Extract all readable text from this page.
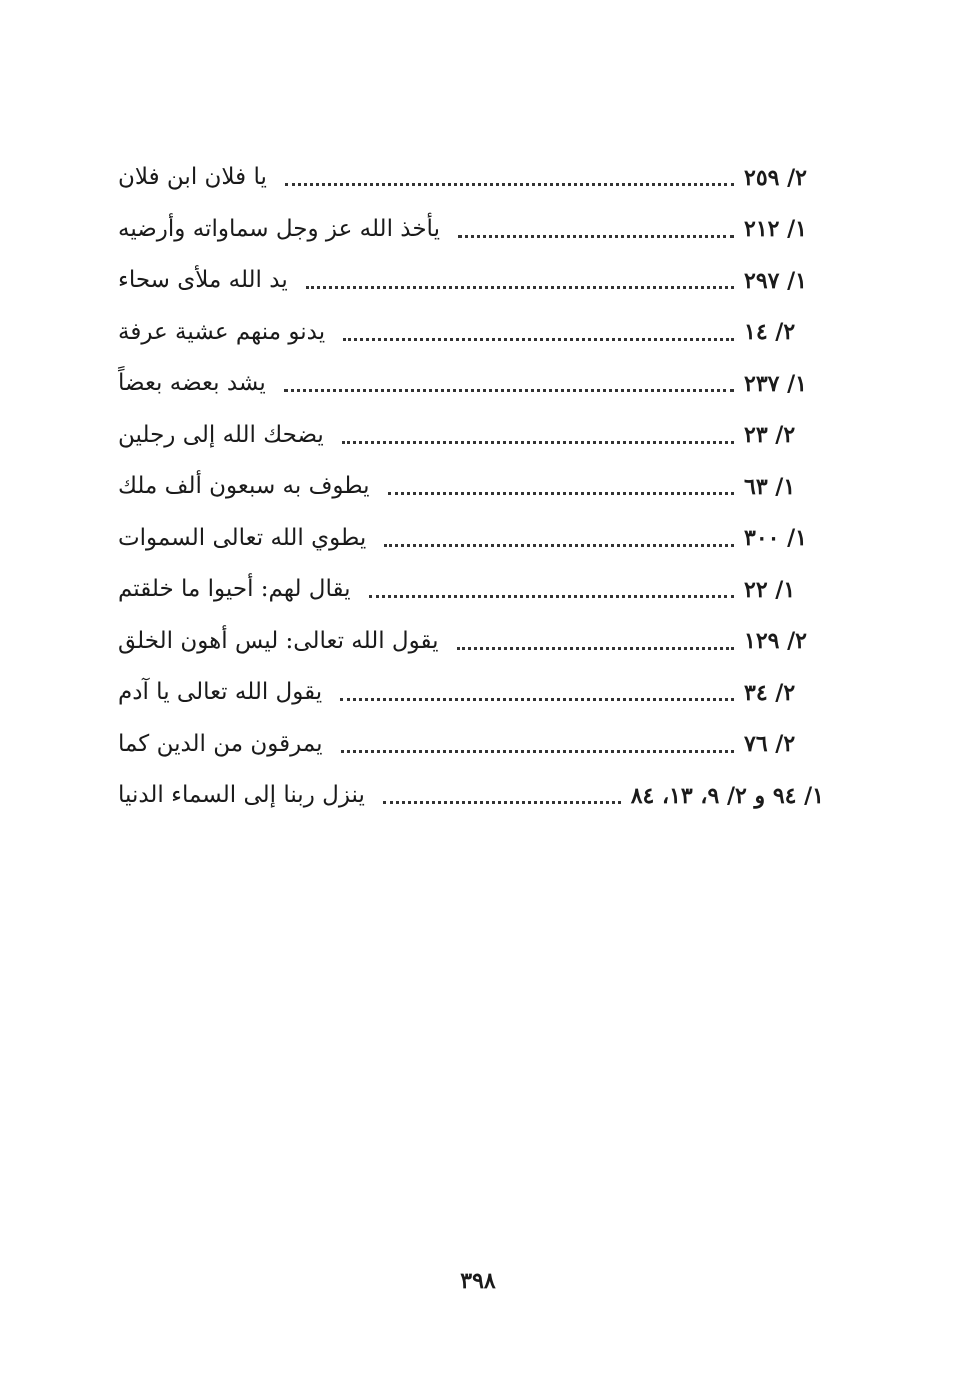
يا فلان ابن فلان	٢/ ٢٥٩
يأخذ الله عز وجل سماواته وأرضيه	١/ ٢١٢
يد الله ملأى سحاء	١/ ٢٩٧
يدنو منهم عشية عرفة	٢/ ١٤
يشد بعضه بعضاً	١/ ٢٣٧
يضحك الله إلى رجلين	٢/ ٢٣
يطوف به سبعون ألف ملك	١/ ٦٣
يطوي الله تعالى السموات	١/ ٣٠٠
يقال لهم: أحيوا ما خلقتم	١/ ٢٢
يقول الله تعالى: ليس أهون الخلق	٢/ ١٢٩
يقول الله تعالى يا آدم	٢/ ٣٤
يمرقون من الدين كما	٢/ ٧٦
ينزل ربنا إلى السماء الدنيا	١/ ٩٤ و ٢/ ٩، ١٣، ٨٤
٣٩٨
